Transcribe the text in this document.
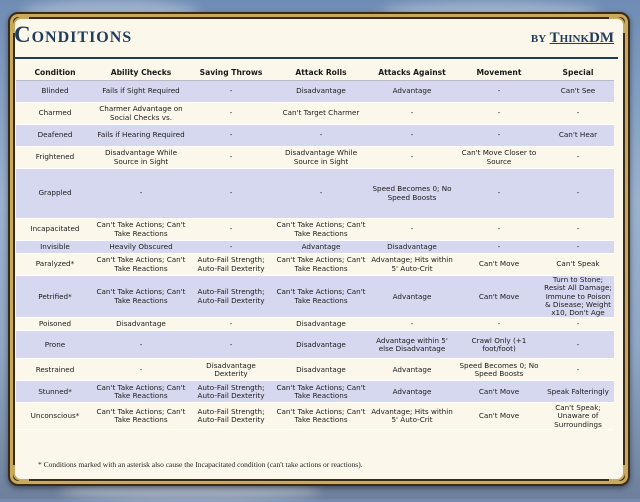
Conditions	by ThinkDM
Condition	Ability Checks	Saving Throws	Attack Rolls	Attacks Against	Movement	Special
Blinded	Fails if Sight Required	-	Disadvantage	Advantage	-	Can't See
Charmed	Charmer Advantage on Social Checks vs.	-	Can't Target Charmer	-	-	-
Deafened	Fails if Hearing Required	-	-	-	-	Can't Hear
Frightened	Disadvantage While Source in Sight	-	Disadvantage While Source in Sight	-	Can't Move Closer to Source	-
Grappled	-	-	-	Speed Becomes 0; No Speed Boosts	-	-
Incapacitated	Can't Take Actions; Can't Take Reactions	-	Can't Take Actions; Can't Take Reactions	-	-	-
Invisible	Heavily Obscured	-	Advantage	Disadvantage	-	-
Paralyzed*	Can't Take Actions; Can't Take Reactions	Auto-Fail Strength; Auto-Fail Dexterity	Can't Take Actions; Can't Take Reactions	Advantage; Hits within 5' Auto-Crit	Can't Move	Can't Speak
Petrified*	Can't Take Actions; Can't Take Reactions	Auto-Fail Strength; Auto-Fail Dexterity	Can't Take Actions; Can't Take Reactions	Advantage	Can't Move	Turn to Stone; Resist All Damage; Immune to Poison & Disease; Weight x10, Don't Age
Poisoned	Disadvantage	-	Disadvantage	-	-	-
Prone	-	-	Disadvantage	Advantage within 5' else Disadvantage	Crawl Only (+1 foot/foot)	-
Restrained	-	Disadvantage Dexterity	Disadvantage	Advantage	Speed Becomes 0; No Speed Boosts	-
Stunned*	Can't Take Actions; Can't Take Reactions	Auto-Fail Strength; Auto-Fail Dexterity	Can't Take Actions; Can't Take Reactions	Advantage	Can't Move	Speak Falteringly
Unconscious*	Can't Take Actions; Can't Take Reactions	Auto-Fail Strength; Auto-Fail Dexterity	Can't Take Actions; Can't Take Reactions	Advantage; Hits within 5' Auto-Crit	Can't Move	Can't Speak; Unaware of Surroundings
* Conditions marked with an asterisk also cause the Incapacitated condition (can't take actions or reactions).
